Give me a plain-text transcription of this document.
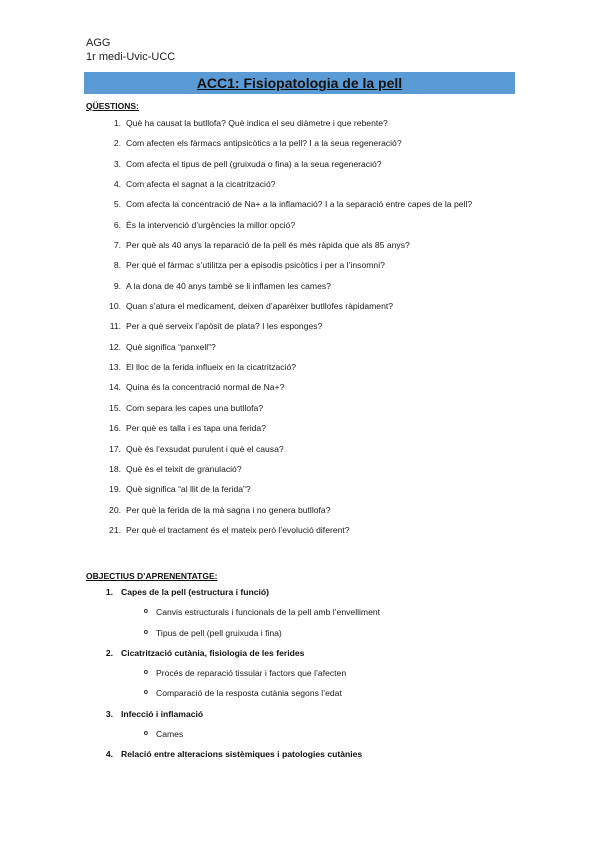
AGG
1r medi-Uvic-UCC
ACC1: Fisiopatologia de la pell
QÜESTIONS:
1. Què ha causat la butllofa? Què indica el seu diàmetre i que rebente?
2. Com afecten els fàrmacs antipsicòtics a la pell? I a la seua regeneració?
3. Com afecta el tipus de pell (gruixuda o fina) a la seua regeneració?
4. Com afecta el sagnat a la cicatrització?
5. Com afecta la concentració de Na+ a la inflamació? I a la separació entre capes de la pell?
6. És la intervenció d’urgències la millor opció?
7. Per què als 40 anys la reparació de la pell és més ràpida que als 85 anys?
8. Per què el fàrmac s’utilitza per a episodis psicòtics i per a l’insomni?
9. A la dona de 40 anys també se li inflamen les cames?
10. Quan s’atura el medicament, deixen d’aparèixer butllofes ràpidament?
11. Per a què serveix l’apòsit de plata? I les esponges?
12. Què significa “panxell”?
13. El lloc de la ferida influeix en la cicatrització?
14. Quina és la concentració normal de Na+?
15. Com separa les capes una butllofa?
16. Per què es talla i es tapa una ferida?
17. Què és l’exsudat purulent i què el causa?
18. Què és el teixit de granulació?
19. Què significa “al llit de la ferida”?
20. Per què la ferida de la mà sagna i no genera butllofa?
21. Per què el tractament és el mateix però l’evolució diferent?
OBJECTIUS D’APRENENTATGE:
1. Capes de la pell (estructura i funció)
o Canvis estructurals i funcionals de la pell amb l’envelliment
o Tipus de pell (pell gruixuda i fina)
2. Cicatrització cutània, fisiologia de les ferides
o Procés de reparació tissular i factors que l’afecten
o Comparació de la resposta cutània segons l’edat
3. Infecció i inflamació
o Cames
4. Relació entre alteracions sistèmiques i patologies cutànies
